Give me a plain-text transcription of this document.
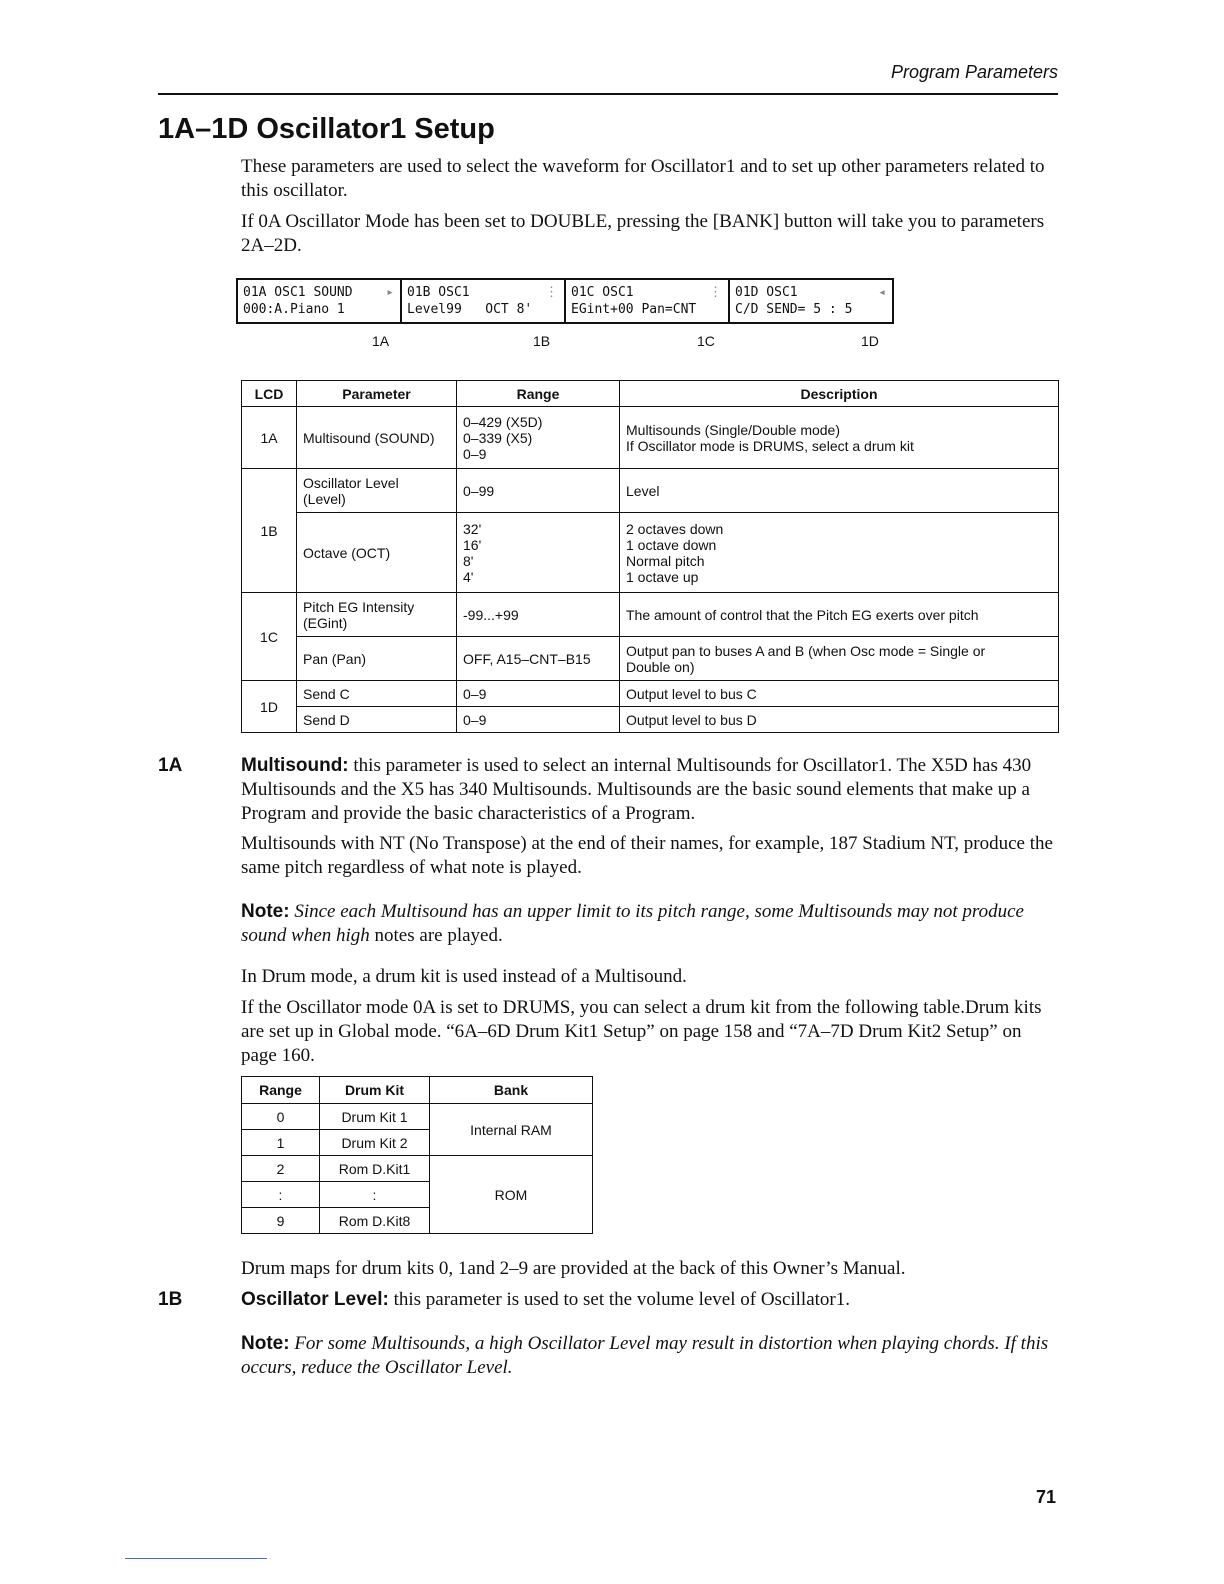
Program Parameters
1A–1D Oscillator1 Setup
These parameters are used to select the waveform for Oscillator1 and to set up other parameters related to this oscillator.
If 0A Oscillator Mode has been set to DOUBLE, pressing the [BANK] button will take you to parameters 2A–2D.
01A OSC1 SOUND
000:A.Piano 1
▸ 01B OSC1
Level99   OCT 8'
⋮ 01C OSC1
EGint+00 Pan=CNT
⋮ 01D OSC1
C/D SEND= 5 : 5
◂
1A	1B	1C	1D
LCD	Parameter	Range	Description
1A	Multisound (SOUND)	0–429 (X5D)
0–339 (X5)
0–9	Multisounds (Single/Double mode)
If Oscillator mode is DRUMS, select a drum kit
1B	Oscillator Level
(Level)	0–99	Level
	Octave (OCT)	32'
16'
8'
4'	2 octaves down
1 octave down
Normal pitch
1 octave up
1C	Pitch EG Intensity
(EGint)	-99...+99	The amount of control that the Pitch EG exerts over pitch
	Pan (Pan)	OFF, A15–CNT–B15	Output pan to buses A and B (when Osc mode = Single or
Double on)
1D	Send C	0–9	Output level to bus C
	Send D	0–9	Output level to bus D
1A	Multisound: this parameter is used to select an internal Multisounds for Oscillator1. The X5D has 430 Multisounds and the X5 has 340 Multisounds. Multisounds are the basic sound elements that make up a Program and provide the basic characteristics of a Program.
Multisounds with NT (No Transpose) at the end of their names, for example, 187 Stadium NT, produce the same pitch regardless of what note is played.
Note: Since each Multisound has an upper limit to its pitch range, some Multisounds may not produce sound when high notes are played.
In Drum mode, a drum kit is used instead of a Multisound.
If the Oscillator mode 0A is set to DRUMS, you can select a drum kit from the following table.Drum kits are set up in Global mode. “6A–6D Drum Kit1 Setup” on page 158 and “7A–7D Drum Kit2 Setup” on page 160.
Range	Drum Kit	Bank
0	Drum Kit 1	Internal RAM
1	Drum Kit 2	
2	Rom D.Kit1	ROM
:	:	
9	Rom D.Kit8	
Drum maps for drum kits 0, 1and 2–9 are provided at the back of this Owner’s Manual.
1B	Oscillator Level: this parameter is used to set the volume level of Oscillator1.
Note: For some Multisounds, a high Oscillator Level may result in distortion when playing chords. If this occurs, reduce the Oscillator Level.
71
